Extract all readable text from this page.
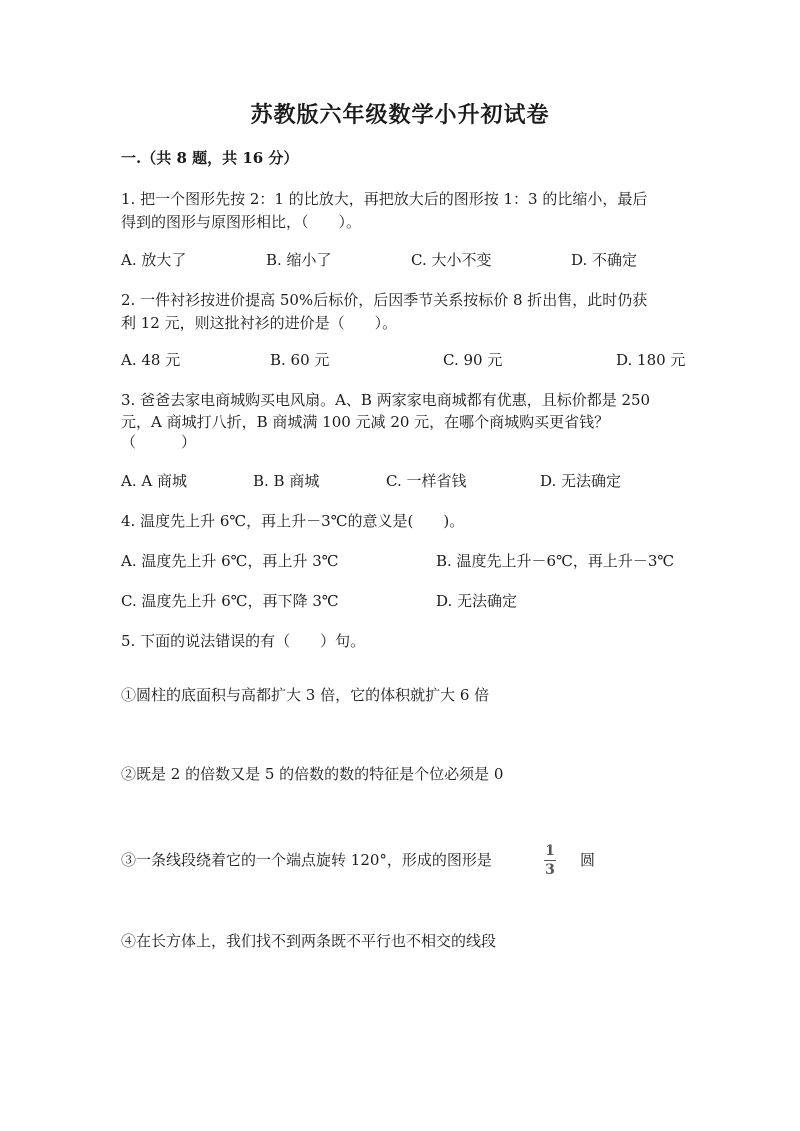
苏教版六年级数学小升初试卷
一.（共 8 题，共 16 分）
1. 把一个图形先按 2：1 的比放大，再把放大后的图形按 1：3 的比缩小，最后
得到的图形与原图形相比，（　　）。
A. 放大了	B. 缩小了	C. 大小不变	D. 不确定
2. 一件衬衫按进价提高 50%后标价，后因季节关系按标价 8 折出售，此时仍获
利 12 元，则这批衬衫的进价是（　　）。
A. 48 元	B. 60 元	C. 90 元	D. 180 元
3. 爸爸去家电商城购买电风扇。A、B 两家家电商城都有优惠，且标价都是 250
元，A 商城打八折，B 商城满 100 元减 20 元，在哪个商城购买更省钱？
（　　　）
A. A 商城	B. B 商城	C. 一样省钱	D. 无法确定
4. 温度先上升 6℃，再上升－3℃的意义是(　　)。
A. 温度先上升 6℃，再上升 3℃	B. 温度先上升－6℃，再上升－3℃
C. 温度先上升 6℃，再下降 3℃	D. 无法确定
5. 下面的说法错误的有（　　）句。
①圆柱的底面积与高都扩大 3 倍，它的体积就扩大 6 倍
②既是 2 的倍数又是 5 的倍数的数的特征是个位必须是 0
③一条线段绕着它的一个端点旋转 120°，形成的图形是	1
3
圆
④在长方体上，我们找不到两条既不平行也不相交的线段
